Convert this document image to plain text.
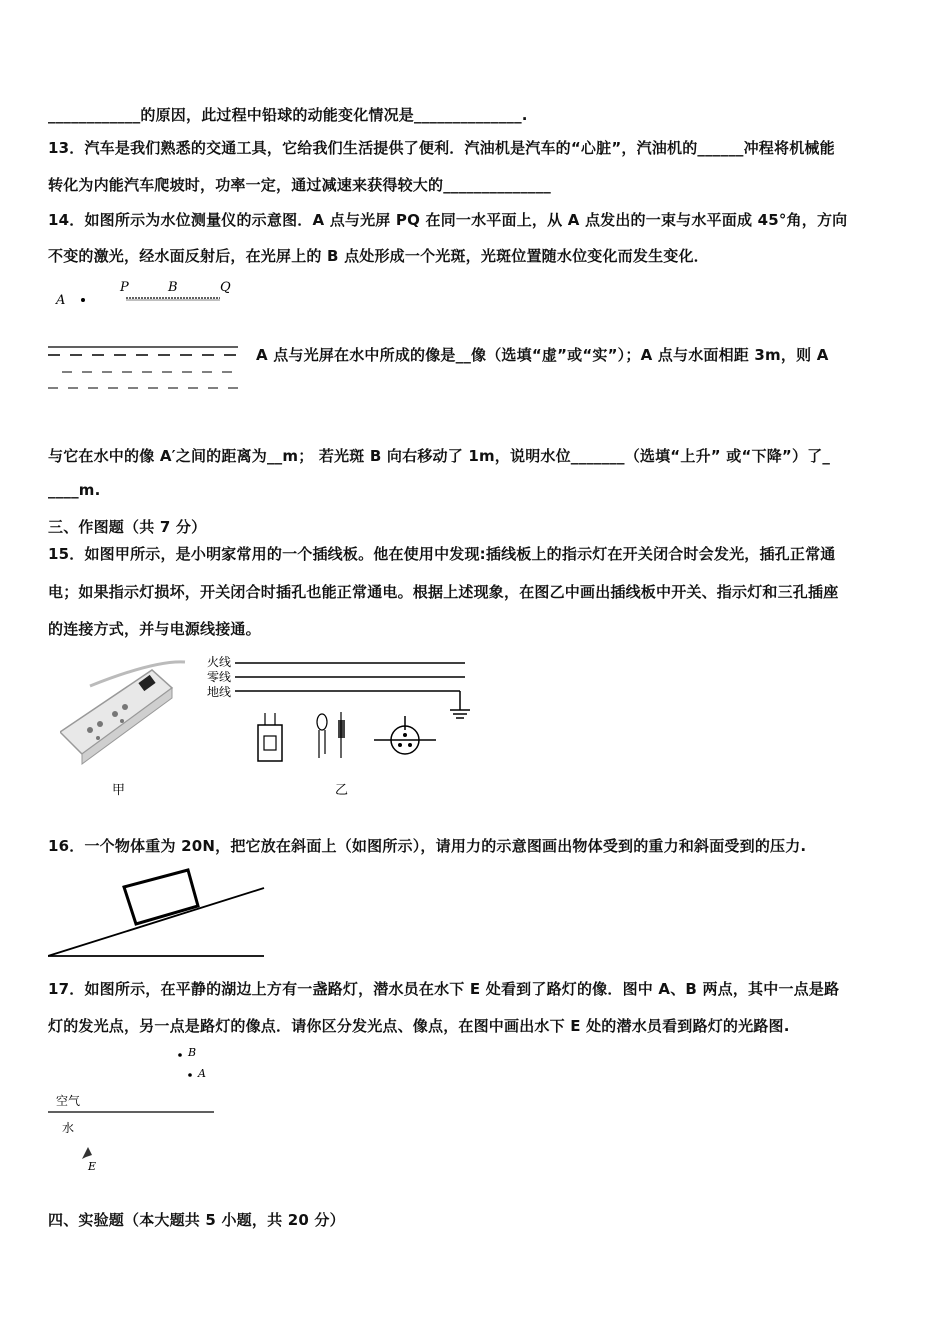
____________的原因，此过程中铅球的动能变化情况是______________.
13．汽车是我们熟悉的交通工具，它给我们生活提供了便利．汽油机是汽车的“心脏”，汽油机的______冲程将机械能
转化为内能汽车爬坡时，功率一定，通过减速来获得较大的______________
14．如图所示为水位测量仪的示意图．A 点与光屏 PQ 在同一水平面上，从 A 点发出的一束与水平面成 45°角，方向
不变的激光，经水面反射后，在光屏上的 B 点处形成一个光斑，光斑位置随水位变化而发生变化．
A
P	B	Q
A 点与光屏在水中所成的像是__像（选填“虚”或“实”）；A 点与水面相距 3m，则 A
与它在水中的像 A′之间的距离为__m； 若光斑 B 向右移动了 1m，说明水位_______（选填“上升” 或“下降”）了_
____m.
三、作图题（共 7 分）
15．如图甲所示，是小明家常用的一个插线板。他在使用中发现:插线板上的指示灯在开关闭合时会发光，插孔正常通
电；如果指示灯损坏，开关闭合时插孔也能正常通电。根据上述现象，在图乙中画出插线板中开关、指示灯和三孔插座
的连接方式，并与电源线接通。
甲
火线
零线
地线
乙
16．一个物体重为 20N，把它放在斜面上（如图所示），请用力的示意图画出物体受到的重力和斜面受到的压力.
17．如图所示，在平静的湖边上方有一盏路灯，潜水员在水下 E 处看到了路灯的像．图中 A、B 两点，其中一点是路
灯的发光点，另一点是路灯的像点．请你区分发光点、像点，在图中画出水下 E 处的潜水员看到路灯的光路图.
B
A
空气
水
E
四、实验题（本大题共 5 小题，共 20 分）
